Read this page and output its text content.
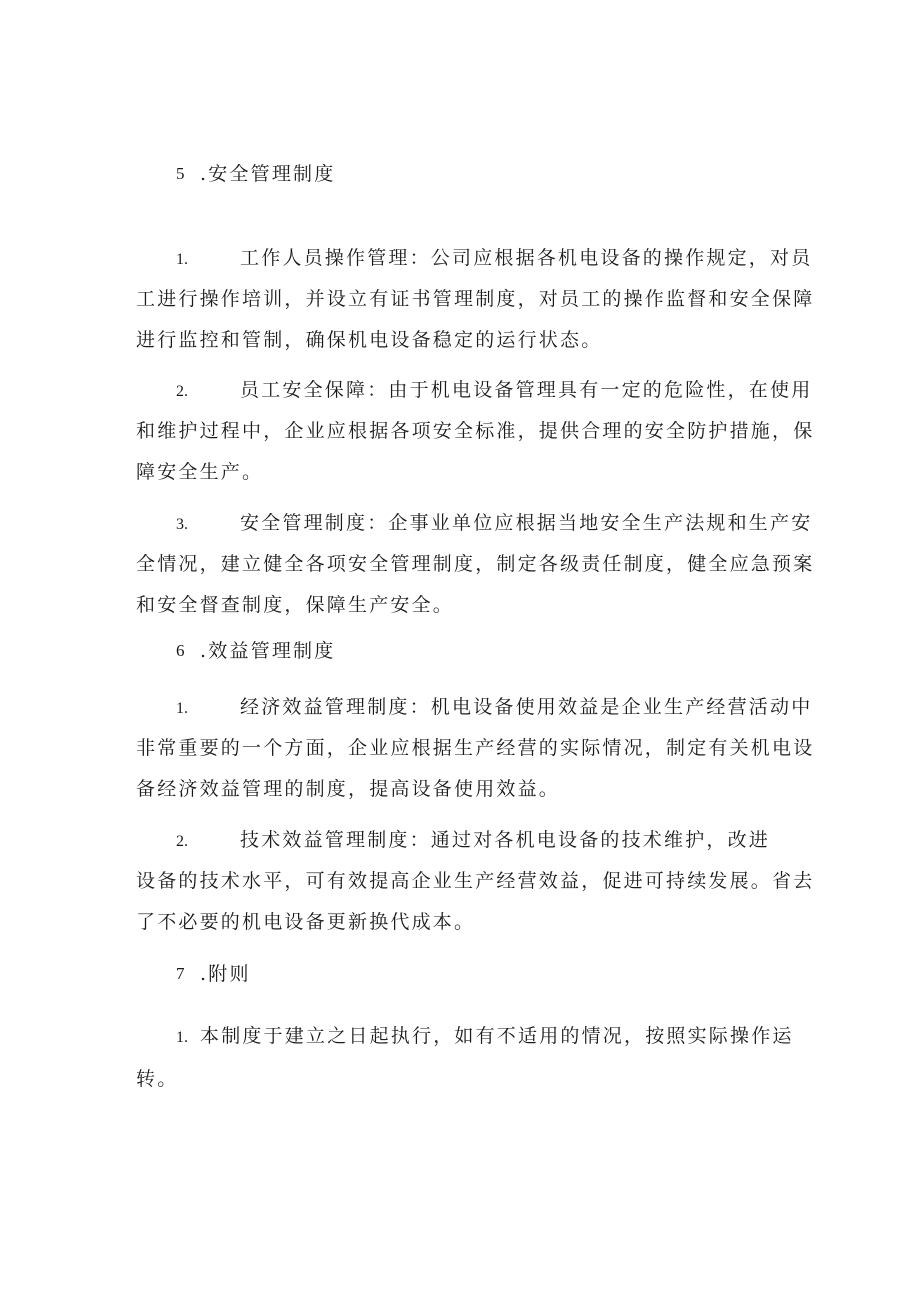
5 .安全管理制度
1.	工作人员操作管理：公司应根据各机电设备的操作规定，对员
工进行操作培训，并设立有证书管理制度，对员工的操作监督和安全保障
进行监控和管制，确保机电设备稳定的运行状态。
2.	员工安全保障：由于机电设备管理具有一定的危险性，在使用
和维护过程中，企业应根据各项安全标准，提供合理的安全防护措施，保
障安全生产。
3.	安全管理制度：企事业单位应根据当地安全生产法规和生产安
全情况，建立健全各项安全管理制度，制定各级责任制度，健全应急预案
和安全督查制度，保障生产安全。
6 .效益管理制度
1.	经济效益管理制度：机电设备使用效益是企业生产经营活动中
非常重要的一个方面，企业应根据生产经营的实际情况，制定有关机电设
备经济效益管理的制度，提高设备使用效益。
2.	技术效益管理制度：通过对各机电设备的技术维护，改进
设备的技术水平，可有效提高企业生产经营效益，促进可持续发展。省去
了不必要的机电设备更新换代成本。
7 .附则
1. 本制度于建立之日起执行，如有不适用的情况，按照实际操作运
转。
